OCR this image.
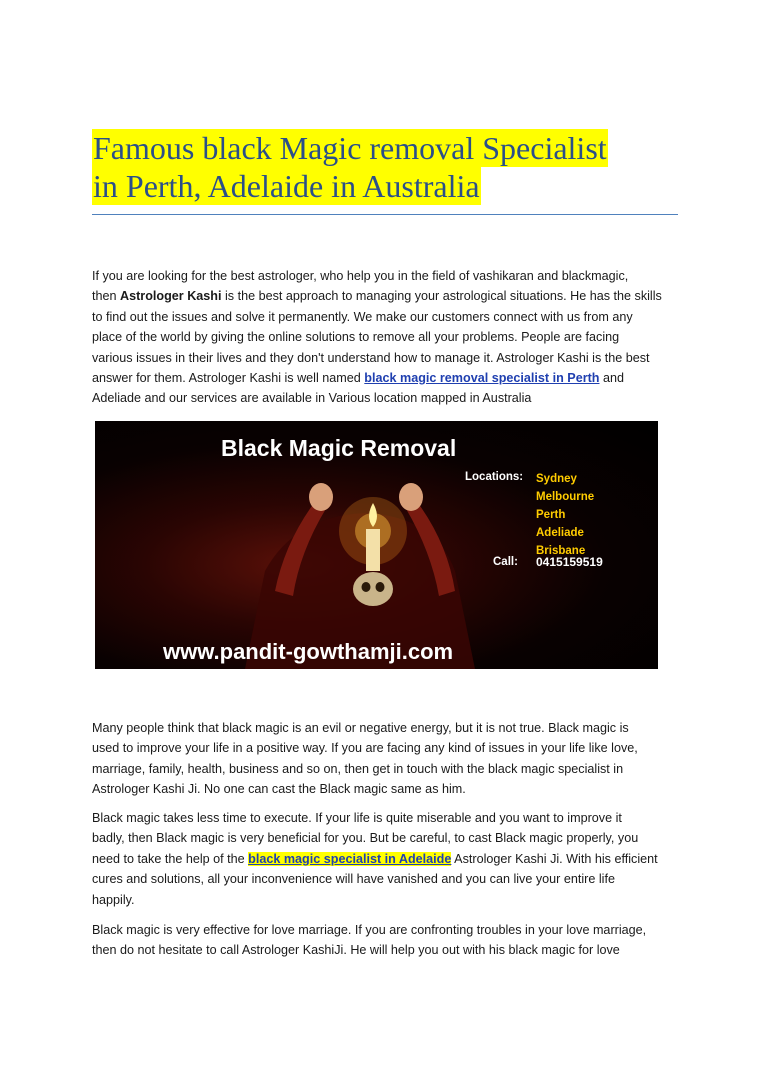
Famous black Magic removal Specialist
in Perth, Adelaide in Australia
If you are looking for the best astrologer, who help you in the field of vashikaran and blackmagic,
then Astrologer Kashi is the best approach to managing your astrological situations. He has the skills
to find out the issues and solve it permanently. We make our customers connect with us from any
place of the world by giving the online solutions to remove all your problems. People are facing
various issues in their lives and they don't understand how to manage it. Astrologer Kashi is the best
answer for them. Astrologer Kashi is well named black magic removal specialist in Perth and
Adeliade and our services are available in Various location mapped in Australia
Black Magic Removal
Locations: Sydney
Melbourne
Perth
Adeliade
Brisbane
Call: 0415159519
www.pandit-gowthamji.com
Many people think that black magic is an evil or negative energy, but it is not true. Black magic is
used to improve your life in a positive way. If you are facing any kind of issues in your life like love,
marriage, family, health, business and so on, then get in touch with the black magic specialist in
Astrologer Kashi Ji. No one can cast the Black magic same as him.
Black magic takes less time to execute. If your life is quite miserable and you want to improve it
badly, then Black magic is very beneficial for you. But be careful, to cast Black magic properly, you
need to take the help of the black magic specialist in Adelaide Astrologer Kashi Ji. With his efficient
cures and solutions, all your inconvenience will have vanished and you can live your entire life
happily.
Black magic is very effective for love marriage. If you are confronting troubles in your love marriage,
then do not hesitate to call Astrologer KashiJi. He will help you out with his black magic for love
